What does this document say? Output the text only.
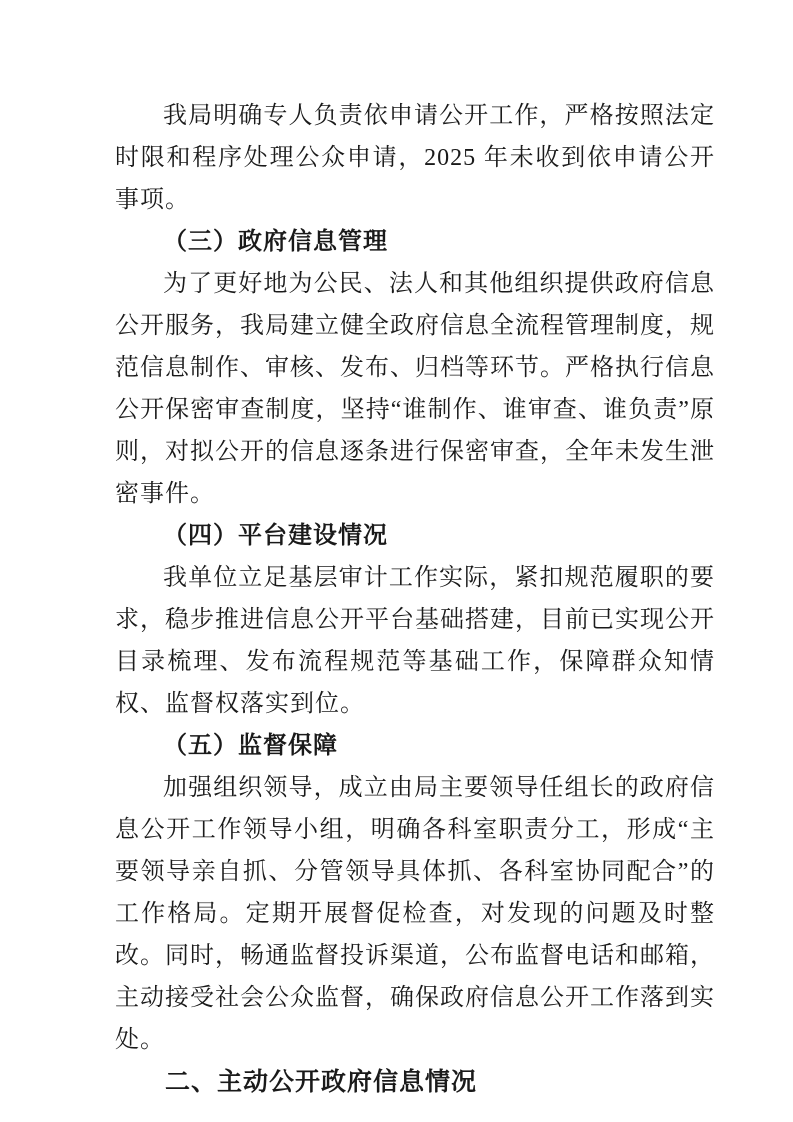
我局明确专人负责依申请公开工作，严格按照法定时限和程序处理公众申请，2025 年未收到依申请公开事项。

（三）政府信息管理

为了更好地为公民、法人和其他组织提供政府信息公开服务，我局建立健全政府信息全流程管理制度，规范信息制作、审核、发布、归档等环节。严格执行信息公开保密审查制度，坚持“谁制作、谁审查、谁负责”原则，对拟公开的信息逐条进行保密审查，全年未发生泄密事件。

（四）平台建设情况

我单位立足基层审计工作实际，紧扣规范履职的要求，稳步推进信息公开平台基础搭建，目前已实现公开目录梳理、发布流程规范等基础工作，保障群众知情权、监督权落实到位。

（五）监督保障

加强组织领导，成立由局主要领导任组长的政府信息公开工作领导小组，明确各科室职责分工，形成“主要领导亲自抓、分管领导具体抓、各科室协同配合”的工作格局。定期开展督促检查，对发现的问题及时整改。同时，畅通监督投诉渠道，公布监督电话和邮箱，主动接受社会公众监督，确保政府信息公开工作落到实处。

二、主动公开政府信息情况
